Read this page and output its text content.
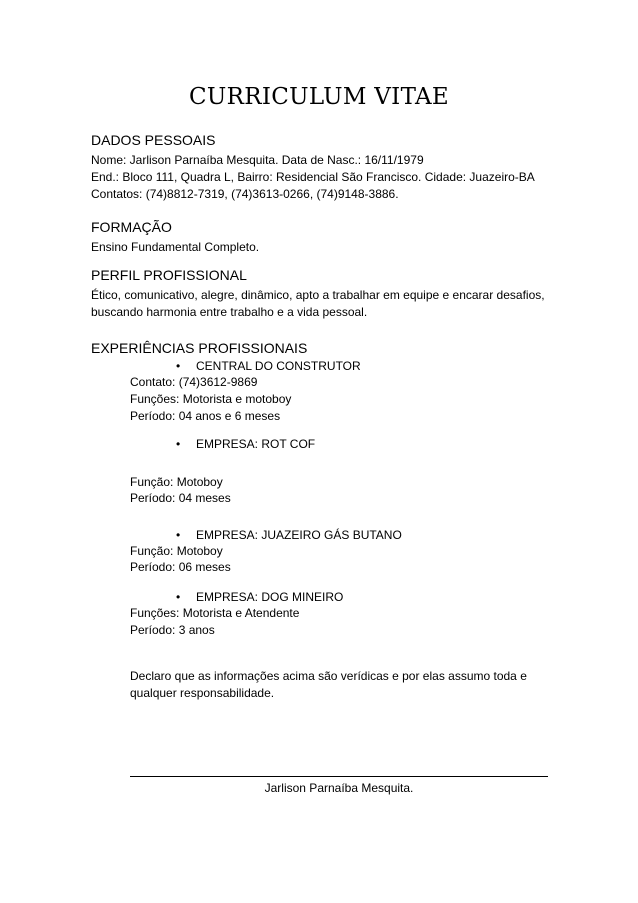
CURRICULUM VITAE
DADOS PESSOAIS
Nome: Jarlison Parnaíba Mesquita. Data de Nasc.: 16/11/1979
End.: Bloco 111, Quadra L, Bairro: Residencial São Francisco. Cidade: Juazeiro-BA
Contatos: (74)8812-7319, (74)3613-0266, (74)9148-3886.
FORMAÇÃO
Ensino Fundamental Completo.
PERFIL PROFISSIONAL
Ético, comunicativo, alegre, dinâmico, apto a trabalhar em equipe e encarar desafios,
buscando harmonia entre trabalho e a vida pessoal.
EXPERIÊNCIAS PROFISSIONAIS
• CENTRAL DO CONSTRUTOR
Contato: (74)3612-9869
Funções: Motorista e motoboy
Período: 04 anos e 6 meses
• EMPRESA: ROT COF
Função: Motoboy
Período: 04 meses
• EMPRESA: JUAZEIRO GÁS BUTANO
Função: Motoboy
Período: 06 meses
• EMPRESA: DOG MINEIRO
Funções: Motorista e Atendente
Período: 3 anos
Declaro que as informações acima são verídicas e por elas assumo toda e
qualquer responsabilidade.
Jarlison Parnaíba Mesquita.
